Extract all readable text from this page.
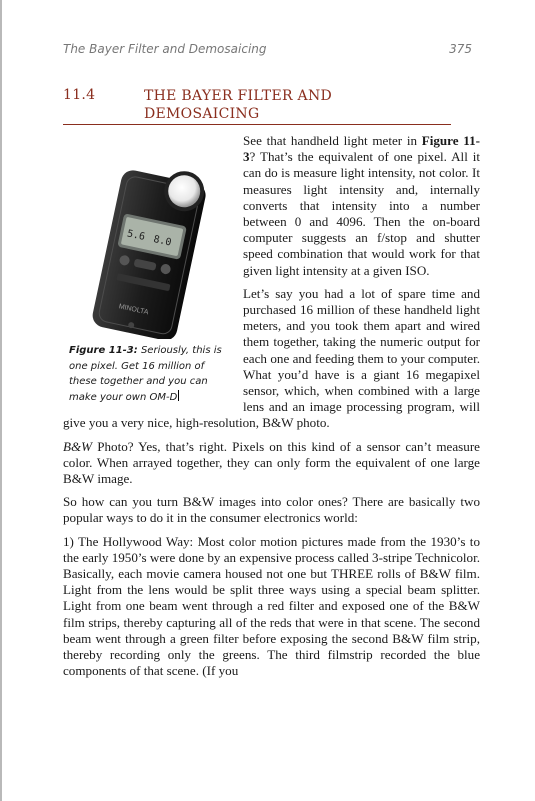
The Bayer Filter and Demosaicing	375
11.4	THE BAYER FILTER AND DEMOSAICING
5.6 8.0
MINOLTA
Figure 11-3: Seriously, this is one pixel. Get 16 million of these together and you can make your own OM-D

See that handheld light meter in Figure 11-3? That’s the equivalent of one pixel. All it can do is measure light intensity, not color. It measures light intensity and, internally converts that intensity into a number between 0 and 4096. Then the on-board computer suggests an f/stop and shutter speed combination that would work for that given light intensity at a given ISO.

Let’s say you had a lot of spare time and purchased 16 million of these handheld light meters, and you took them apart and wired them together, taking the numeric output for each one and feeding them to your computer. What you’d have is a giant 16 megapixel sensor, which, when combined with a large lens and an image processing program, will give you a very nice, high-resolution, B&W photo.

B&W Photo? Yes, that’s right. Pixels on this kind of a sensor can’t measure color. When arrayed together, they can only form the equivalent of one large B&W image.

So how can you turn B&W images into color ones? There are basically two popular ways to do it in the consumer electronics world:

1) The Hollywood Way: Most color motion pictures made from the 1930’s to the early 1950’s were done by an expensive process called 3-stripe Technicolor. Basically, each movie camera housed not one but THREE rolls of B&W film. Light from the lens would be split three ways using a special beam splitter. Light from one beam went through a red filter and exposed one of the B&W film strips, thereby capturing all of the reds that were in that scene. The second beam went through a green filter before exposing the second B&W film strip, thereby recording only the greens. The third filmstrip recorded the blue components of that scene. (If you
